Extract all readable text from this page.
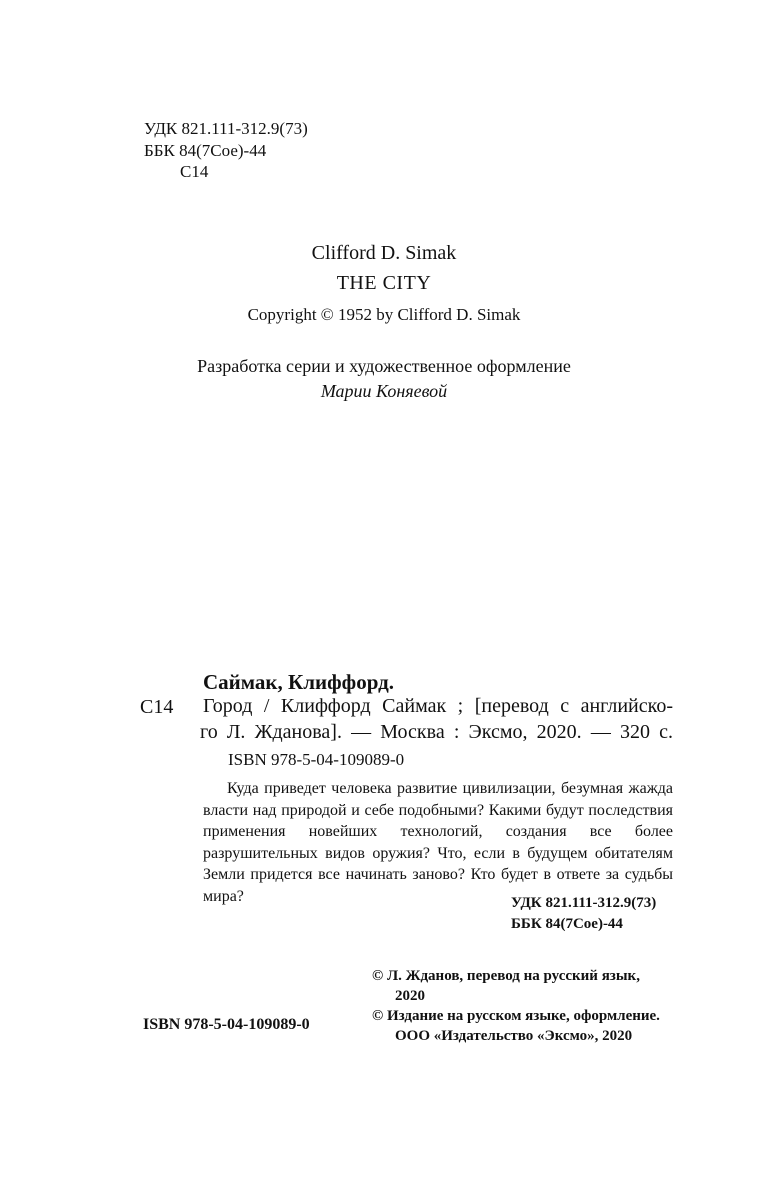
УДК 821.111-312.9(73)
ББК 84(7Сое)-44
С14
Clifford D. Simak
THE CITY
Copyright © 1952 by Clifford D. Simak
Разработка серии и художественное оформление
Марии Коняевой
Саймак, Клиффорд.
С14 Город / Клиффорд Саймак ; [перевод с английско-
го Л. Жданова]. — Москва : Эксмо, 2020. — 320 с.
ISBN 978-5-04-109089-0

Куда приведет человека развитие цивилизации, безумная жажда власти над природой и себе подобными? Какими будут последствия применения новейших технологий, создания все более разрушительных видов оружия? Что, если в будущем обитателям Земли придется все начинать заново? Кто будет в ответе за судьбы мира?	УДК 821.111-312.9(73)
ББК 84(7Сое)-44
ISBN 978-5-04-109089-0
© Л. Жданов, перевод на русский язык,
2020
© Издание на русском языке, оформление.
ООО «Издательство «Эксмо», 2020
